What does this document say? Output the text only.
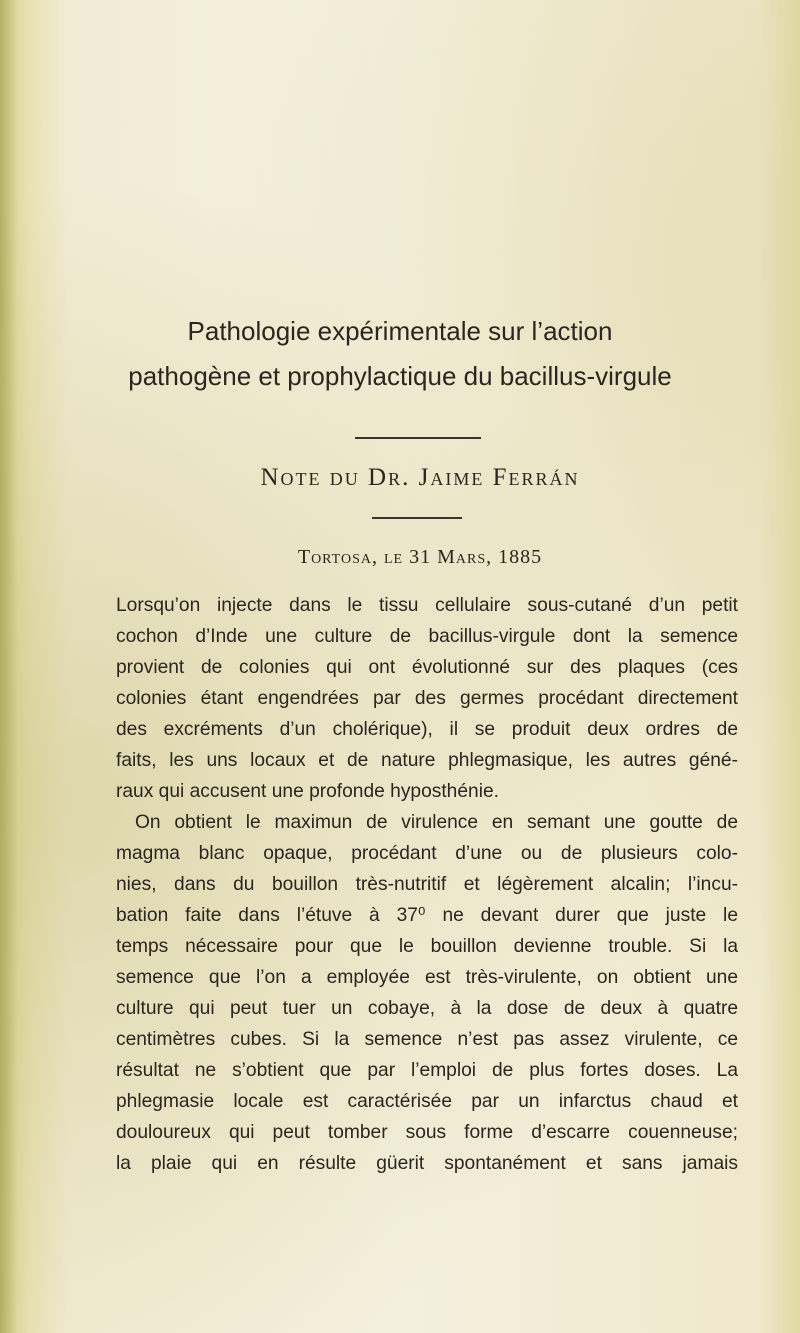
Pathologie expérimentale sur l’action
pathogène et prophylactique du bacillus-virgule
Note du Dr. Jaime Ferrán
Tortosa, le 31 Mars, 1885
Lorsqu’on injecte dans le tissu cellulaire sous-cutané d’un petit
cochon d’Inde une culture de bacillus-virgule dont la semence
provient de colonies qui ont évolutionné sur des plaques (ces
colonies étant engendrées par des germes procédant directement
des excréments d’un cholérique), il se produit deux ordres de
faits, les uns locaux et de nature phlegmasique, les autres géné-
raux qui accusent une profonde hyposthénie.
On obtient le maximun de virulence en semant une goutte de
magma blanc opaque, procédant d’une ou de plusieurs colo-
nies, dans du bouillon très-nutritif et légèrement alcalin; l’incu-
bation faite dans l’étuve à 37⁰ ne devant durer que juste le
temps nécessaire pour que le bouillon devienne trouble. Si la
semence que l’on a employée est très-virulente, on obtient une
culture qui peut tuer un cobaye, à la dose de deux à quatre
centimètres cubes. Si la semence n’est pas assez virulente, ce
résultat ne s’obtient que par l’emploi de plus fortes doses. La
phlegmasie locale est caractérisée par un infarctus chaud et
douloureux qui peut tomber sous forme d’escarre couenneuse;
la plaie qui en résulte güerit spontanément et sans jamais
